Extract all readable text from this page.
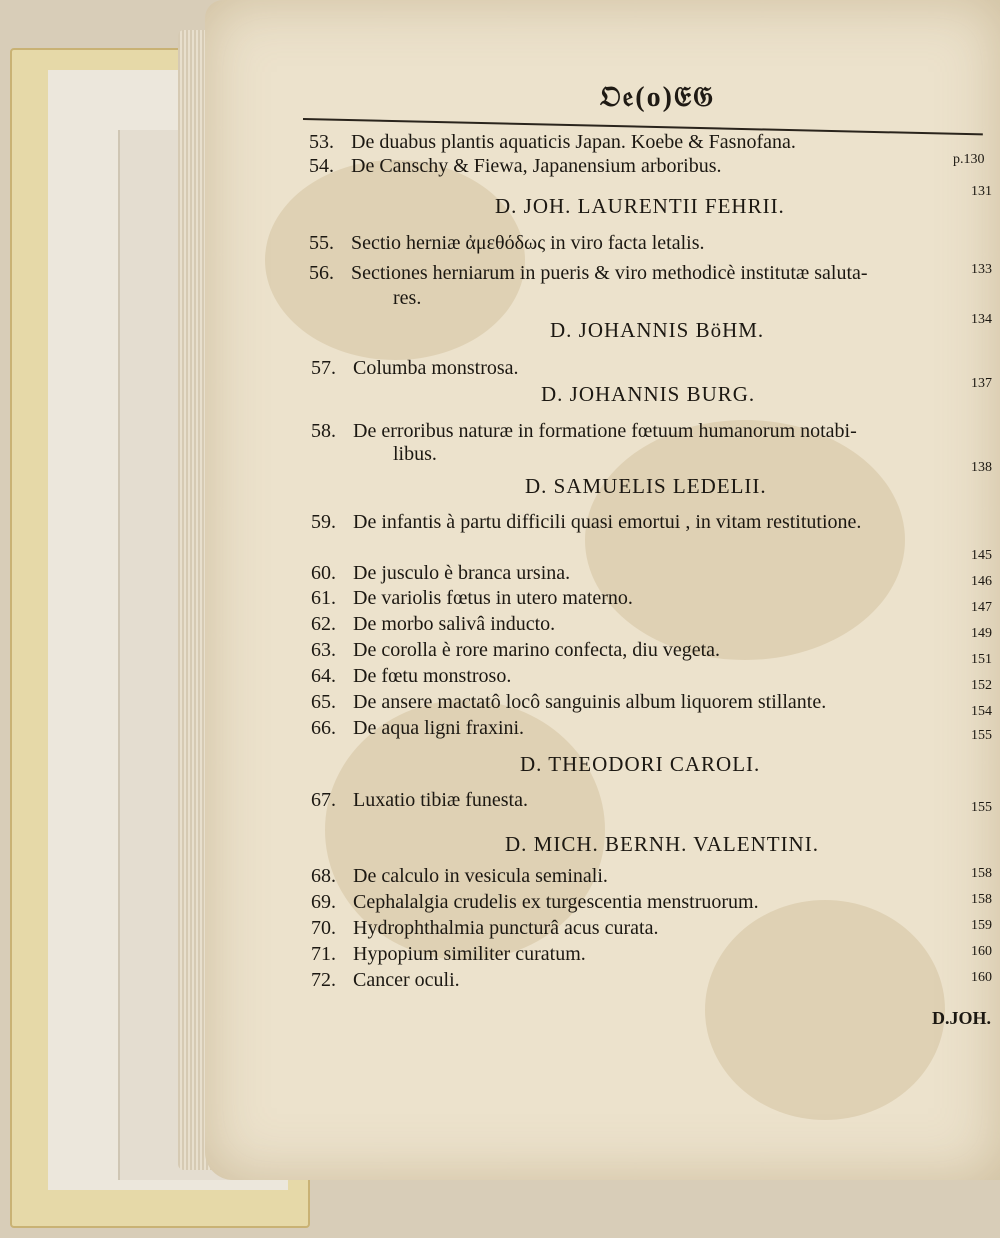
𝔒𝔢(o)𝔈𝔊
53. De duabus plantis aquaticis Japan. Koebe & Fasnofana.
54. De Canschy & Fiewa, Japanensium arboribus.
D. JOH. LAURENTII FEHRII.
55. Sectio herniæ ἀμεθόδως in viro facta letalis.
56. Sectiones herniarum in pueris & viro methodicè institutæ saluta-
res.
D. JOHANNIS BöHM.
57. Columba monstrosa.
D. JOHANNIS BURG.
58. De erroribus naturæ in formatione fœtuum humanorum notabi-
libus.
D. SAMUELIS LEDELII.
59. De infantis à partu difficili quasi emortui , in vitam restitutione.
60. De jusculo è branca ursina.
61. De variolis fœtus in utero materno.
62. De morbo salivâ inducto.
63. De corolla è rore marino confecta, diu vegeta.
64. De fœtu monstroso.
65. De ansere mactatô locô sanguinis album liquorem stillante.
66. De aqua ligni fraxini.
D. THEODORI CAROLI.
67. Luxatio tibiæ funesta.
D. MICH. BERNH. VALENTINI.
68. De calculo in vesicula seminali.
69. Cephalalgia crudelis ex turgescentia menstruorum.
70. Hydrophthalmia puncturâ acus curata.
71. Hypopium similiter curatum.
72. Cancer oculi.
p.130
131
133
134
137
138
145
146
147
149
151
152
154
155
155
158
158
159
160
160
D.JOH.
